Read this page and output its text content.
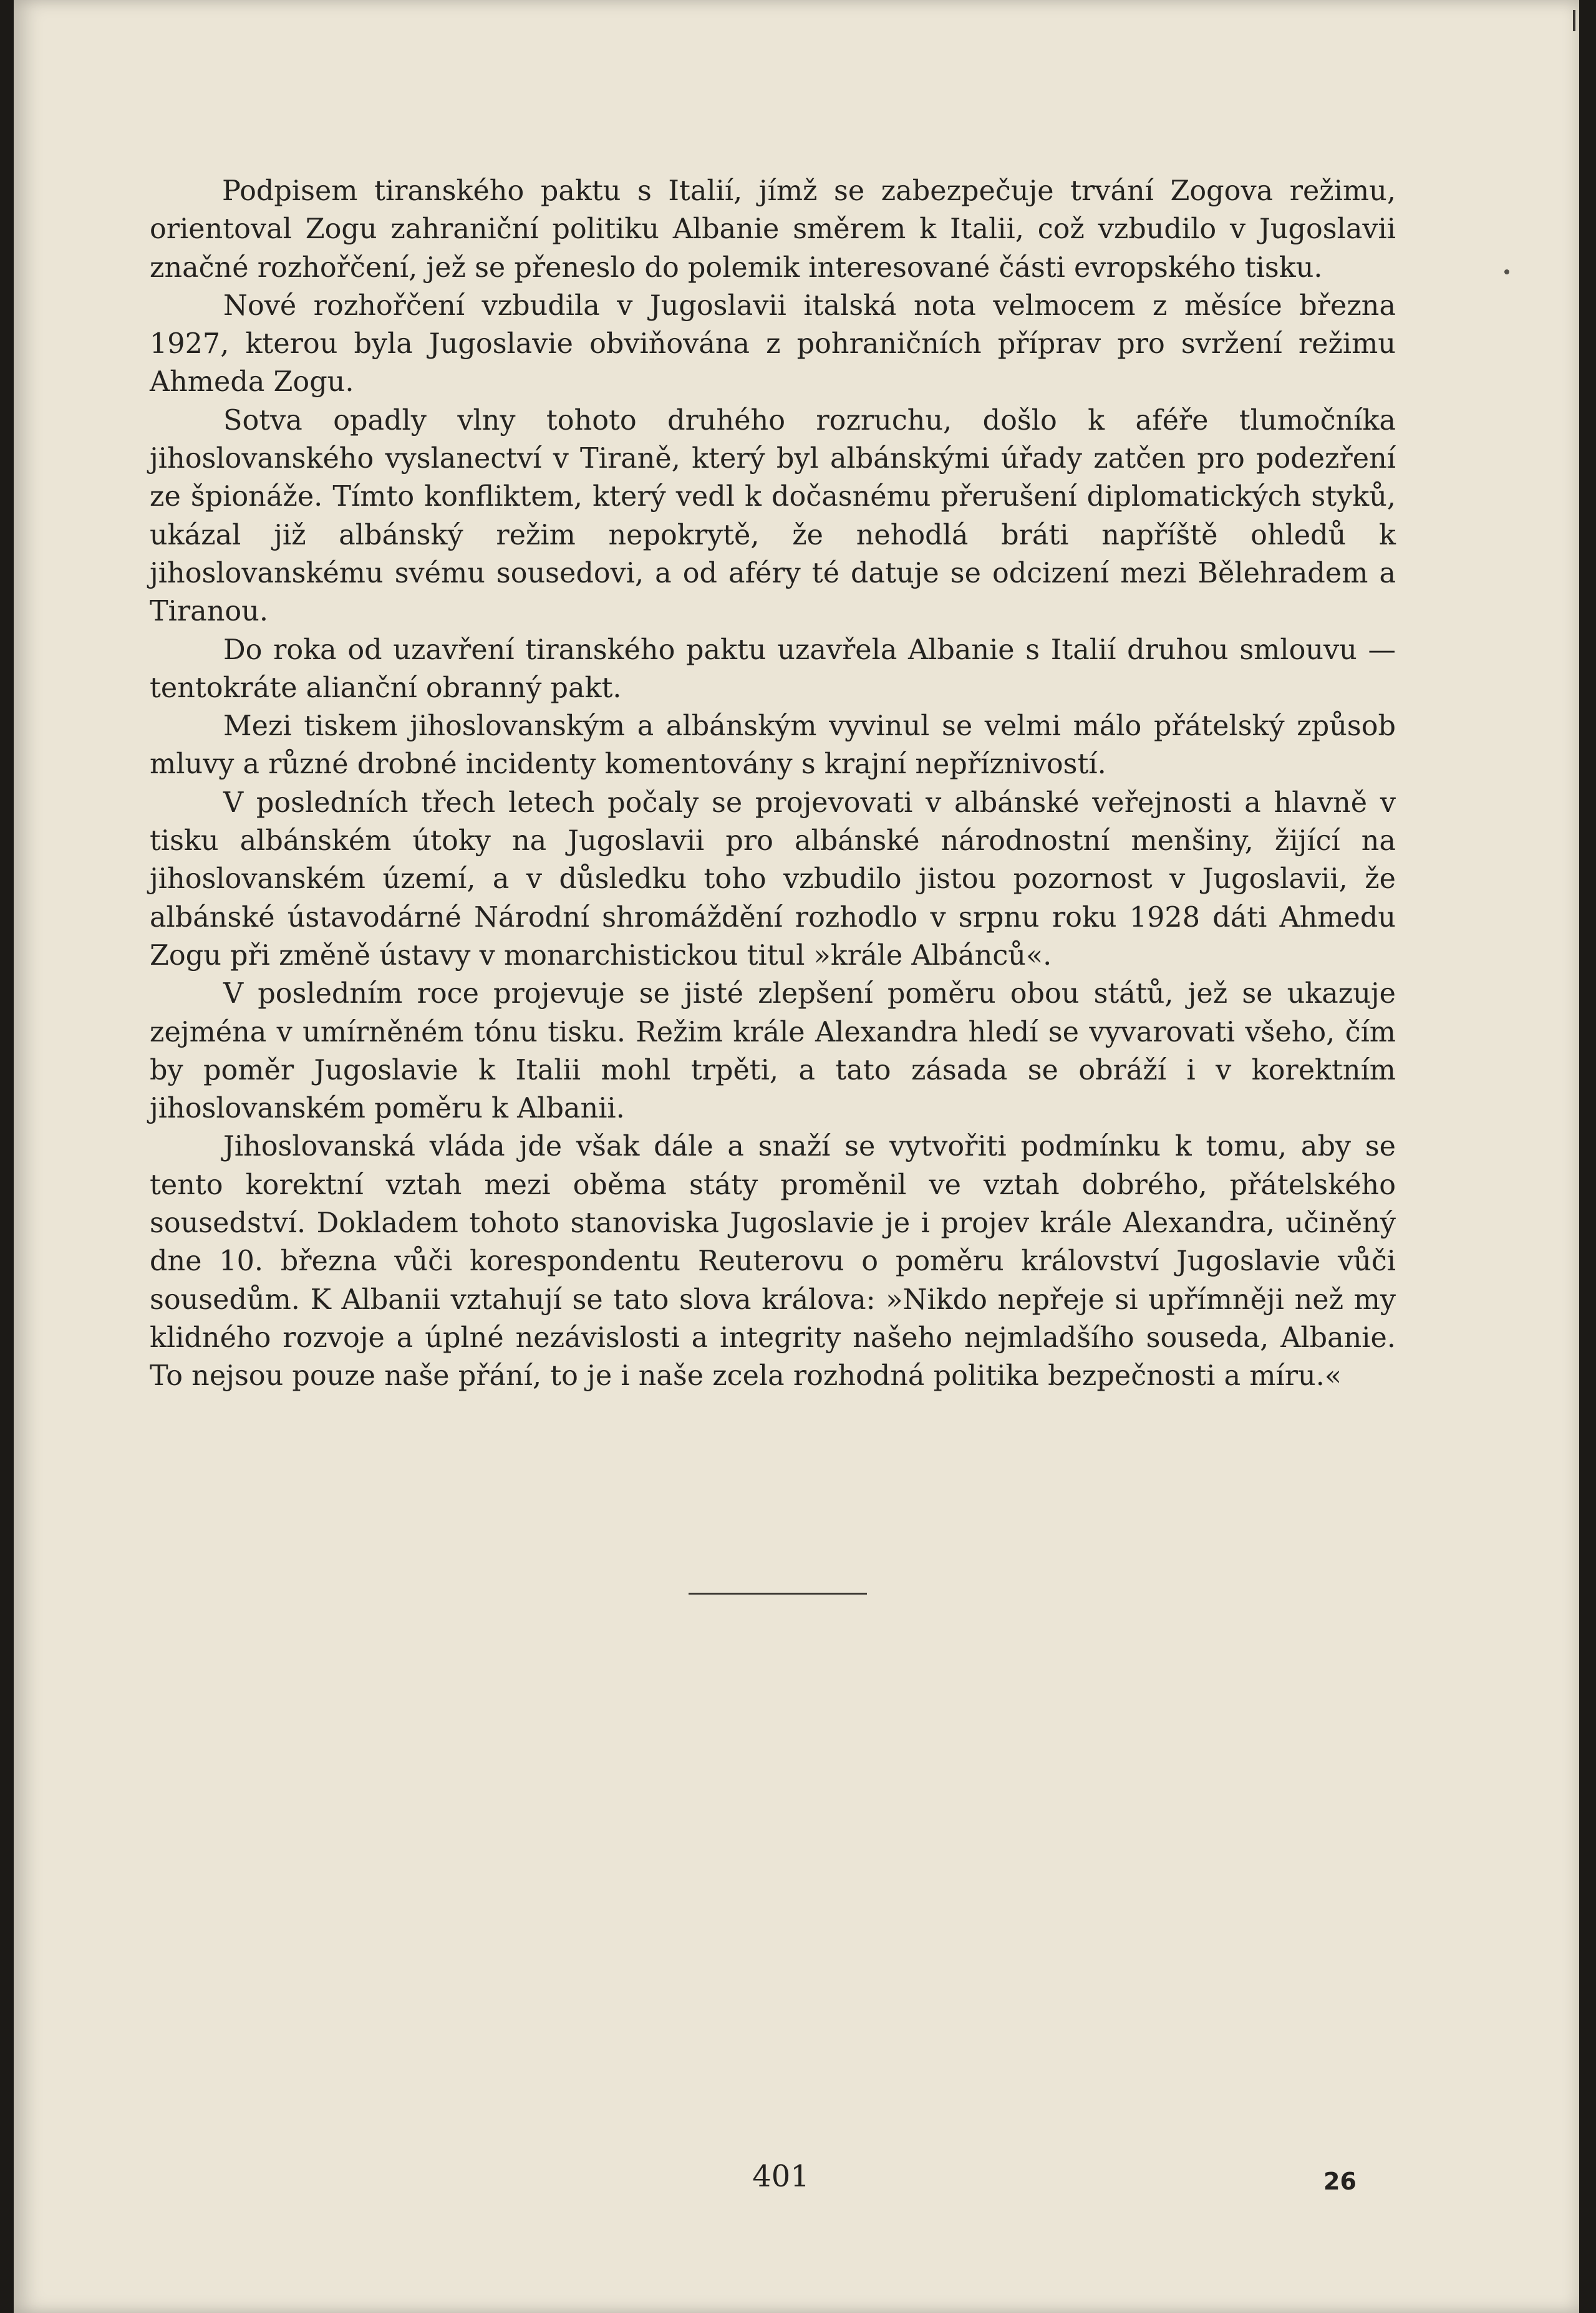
Podpisem tiranského paktu s Italií, jímž se zabezpečuje trvání Zogova režimu, orientoval Zogu zahraniční politiku Albanie směrem k Italii, což vzbudilo v Jugoslavii značné rozhořčení, jež se přeneslo do polemik interesované části evropského tisku.

Nové rozhořčení vzbudila v Jugoslavii italská nota velmocem z měsíce března 1927, kterou byla Jugoslavie obviňována z pohraničních příprav pro svržení režimu Ahmeda Zogu.

Sotva opadly vlny tohoto druhého rozruchu, došlo k aféře tlumočníka jihoslovanského vyslanectví v Tiraně, který byl albánskými úřady zatčen pro podezření ze špionáže. Tímto konfliktem, který vedl k dočasnému přerušení diplomatických styků, ukázal již albánský režim nepokrytě, že nehodlá bráti napříště ohledů k jihoslovanskému svému sousedovi, a od aféry té datuje se odcizení mezi Bělehradem a Tiranou.

Do roka od uzavření tiranského paktu uzavřela Albanie s Italií druhou smlouvu — tentokráte alianční obranný pakt.

Mezi tiskem jihoslovanským a albánským vyvinul se velmi málo přátelský způsob mluvy a různé drobné incidenty komentovány s krajní nepříznivostí.

V posledních třech letech počaly se projevovati v albánské veřejnosti a hlavně v tisku albánském útoky na Jugoslavii pro albánské národnostní menšiny, žijící na jihoslovanském území, a v důsledku toho vzbudilo jistou pozornost v Jugoslavii, že albánské ústavodárné Národní shromáždění rozhodlo v srpnu roku 1928 dáti Ahmedu Zogu při změně ústavy v monarchistickou titul »krále Albánců«.

V posledním roce projevuje se jisté zlepšení poměru obou států, jež se ukazuje zejména v umírněném tónu tisku. Režim krále Alexandra hledí se vyvarovati všeho, čím by poměr Jugoslavie k Italii mohl trpěti, a tato zásada se obráží i v korektním jihoslovanském poměru k Albanii.

Jihoslovanská vláda jde však dále a snaží se vytvořiti podmínku k tomu, aby se tento korektní vztah mezi oběma státy proměnil ve vztah dobrého, přátelského sousedství. Dokladem tohoto stanoviska Jugoslavie je i projev krále Alexandra, učiněný dne 10. března vůči korespondentu Reuterovu o poměru království Jugoslavie vůči sousedům. K Albanii vztahují se tato slova králova: »Nikdo nepřeje si upřímněji než my klidného rozvoje a úplné nezávislosti a integrity našeho nejmladšího souseda, Albanie. To nejsou pouze naše přání, to je i naše zcela rozhodná politika bezpečnosti a míru.«

401	26
